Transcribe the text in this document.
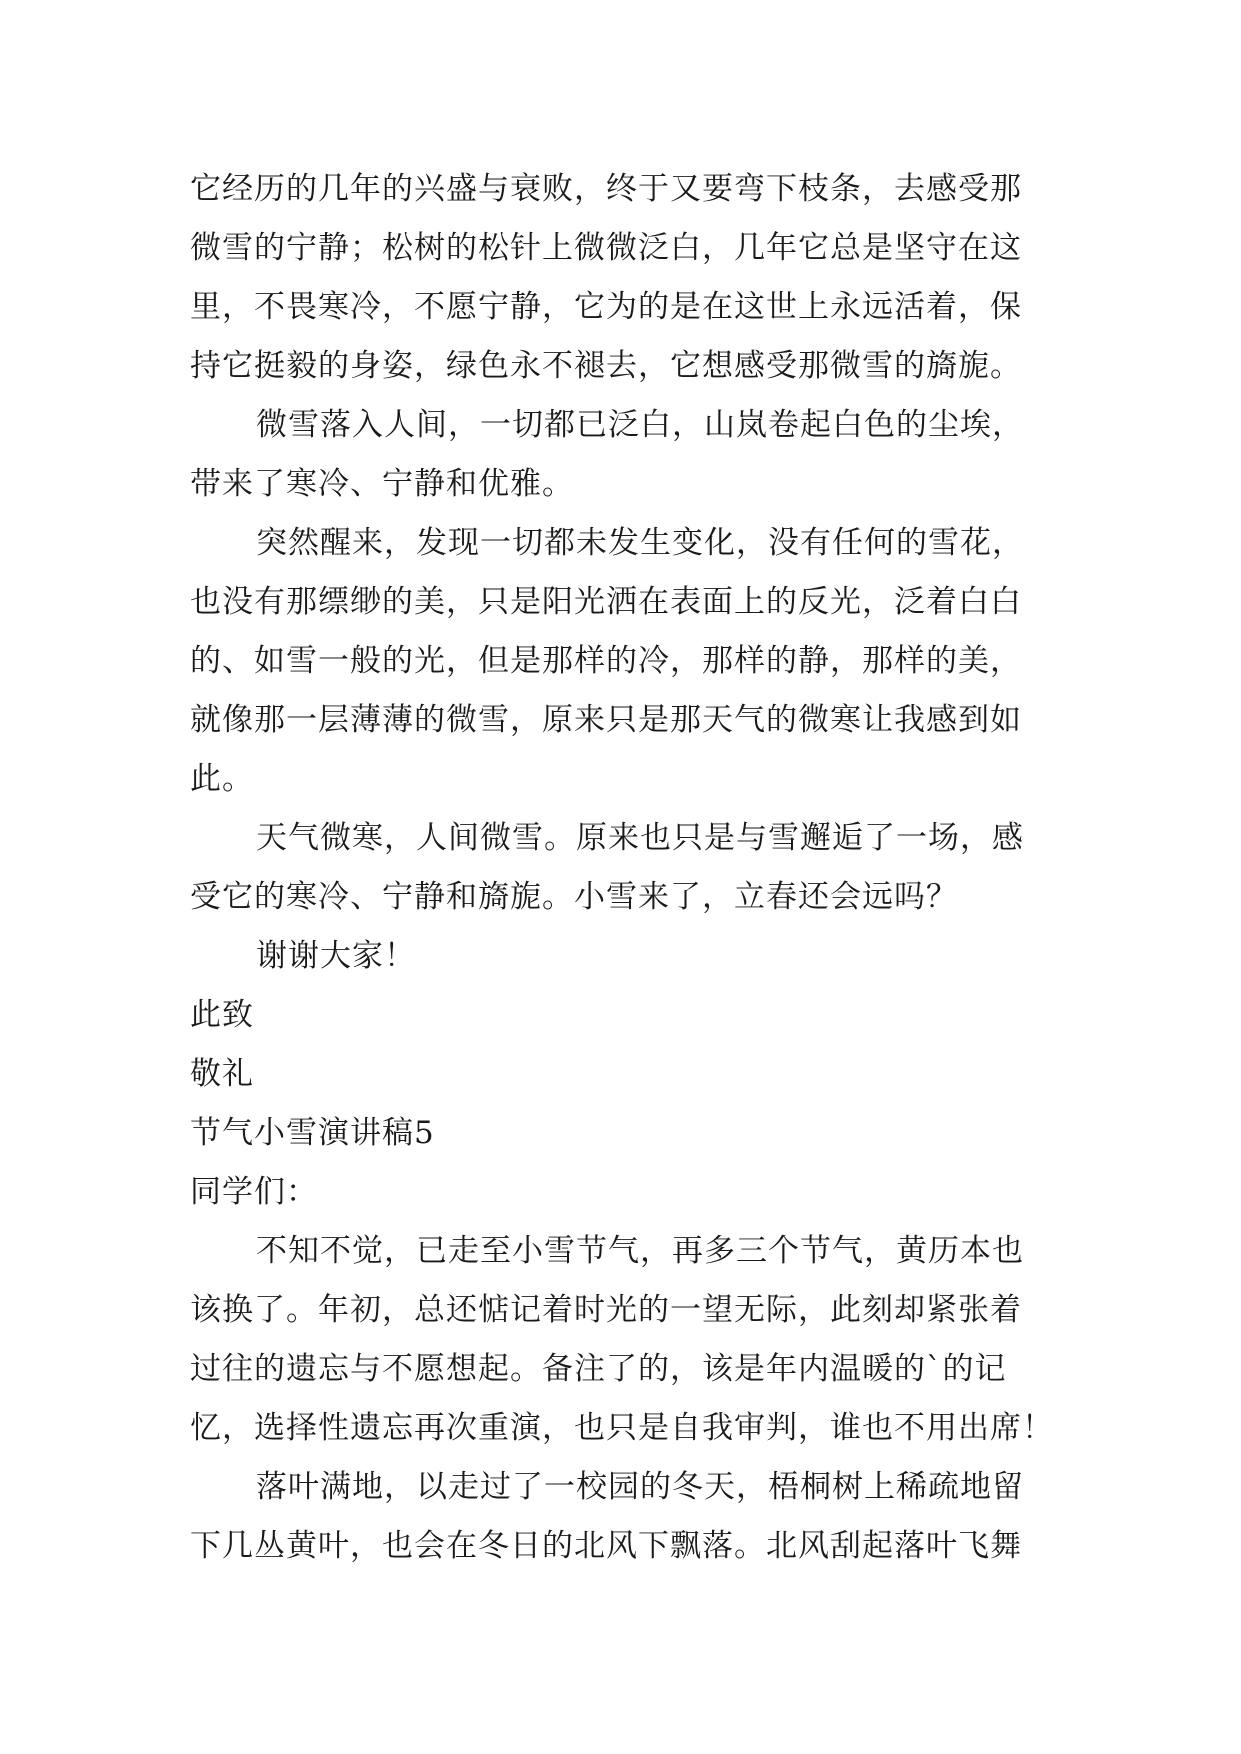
它经历的几年的兴盛与衰败，终于又要弯下枝条，去感受那
微雪的宁静；松树的松针上微微泛白，几年它总是坚守在这
里，不畏寒冷，不愿宁静，它为的是在这世上永远活着，保
持它挺毅的身姿，绿色永不褪去，它想感受那微雪的旖旎。
微雪落入人间，一切都已泛白，山岚卷起白色的尘埃，
带来了寒冷、宁静和优雅。
突然醒来，发现一切都未发生变化，没有任何的雪花，
也没有那缥缈的美，只是阳光洒在表面上的反光，泛着白白
的、如雪一般的光，但是那样的冷，那样的静，那样的美，
就像那一层薄薄的微雪，原来只是那天气的微寒让我感到如
此。
天气微寒，人间微雪。原来也只是与雪邂逅了一场，感
受它的寒冷、宁静和旖旎。小雪来了，立春还会远吗？
谢谢大家！
此致
敬礼
节气小雪演讲稿5
同学们：
不知不觉，已走至小雪节气，再多三个节气，黄历本也
该换了。年初，总还惦记着时光的一望无际，此刻却紧张着
过往的遗忘与不愿想起。备注了的，该是年内温暖的`的记
忆，选择性遗忘再次重演，也只是自我审判，谁也不用出席！
落叶满地，以走过了一校园的冬天，梧桐树上稀疏地留
下几丛黄叶，也会在冬日的北风下飘落。北风刮起落叶飞舞
